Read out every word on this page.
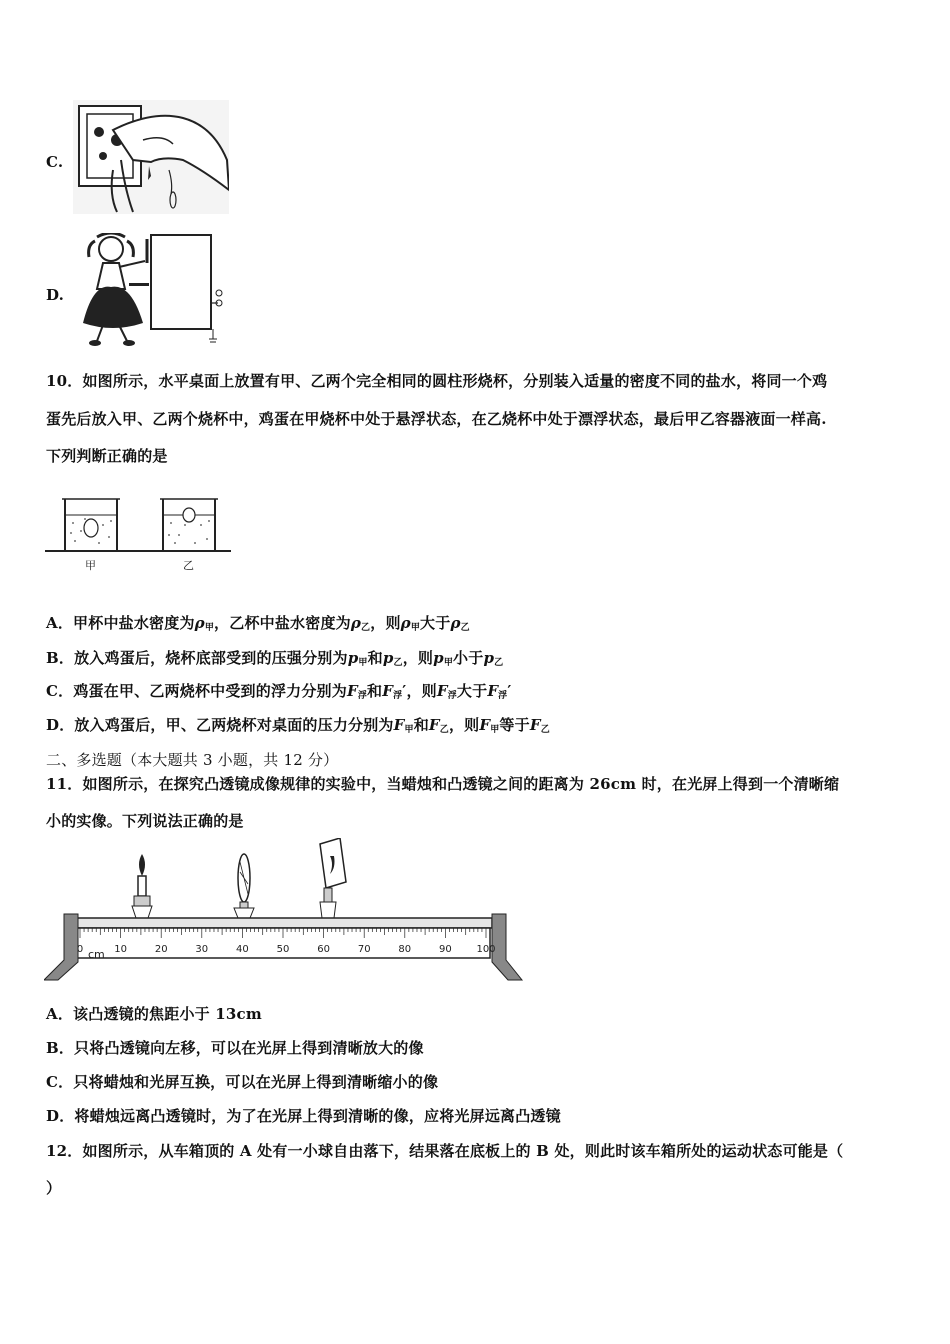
C.
D.
10．如图所示，水平桌面上放置有甲、乙两个完全相同的圆柱形烧杯，分别装入适量的密度不同的盐水，将同一个鸡
蛋先后放入甲、乙两个烧杯中，鸡蛋在甲烧杯中处于悬浮状态，在乙烧杯中处于漂浮状态，最后甲乙容器液面一样高.
下列判断正确的是
甲	乙
A．甲杯中盐水密度为$\rho_甲$，乙杯中盐水密度为$\rho_乙$，则$\rho_甲$大于$\rho_乙$
B．放入鸡蛋后，烧杯底部受到的压强分别为$p_甲$和$p_乙$，则$p_甲$小于$p_乙$
C．鸡蛋在甲、乙两烧杯中受到的浮力分别为$F_浮$和$F_浮'$，则$F_浮$大于$F_浮'$
D．放入鸡蛋后，甲、乙两烧杯对桌面的压力分别为$F_甲$和$F_乙$，则$F_甲$等于$F_乙$
二、多选题（本大题共 3 小题，共 12 分）
11．如图所示，在探究凸透镜成像规律的实验中，当蜡烛和凸透镜之间的距离为 26cm 时，在光屏上得到一个清晰缩
小的实像。下列说法正确的是
0	10	20	30	40	50	60	70	80	90 100
cm
A．该凸透镜的焦距小于 13cm
B．只将凸透镜向左移，可以在光屏上得到清晰放大的像
C．只将蜡烛和光屏互换，可以在光屏上得到清晰缩小的像
D．将蜡烛远离凸透镜时，为了在光屏上得到清晰的像，应将光屏远离凸透镜
12．如图所示，从车箱顶的 A 处有一小球自由落下，结果落在底板上的 B 处，则此时该车箱所处的运动状态可能是（
）
